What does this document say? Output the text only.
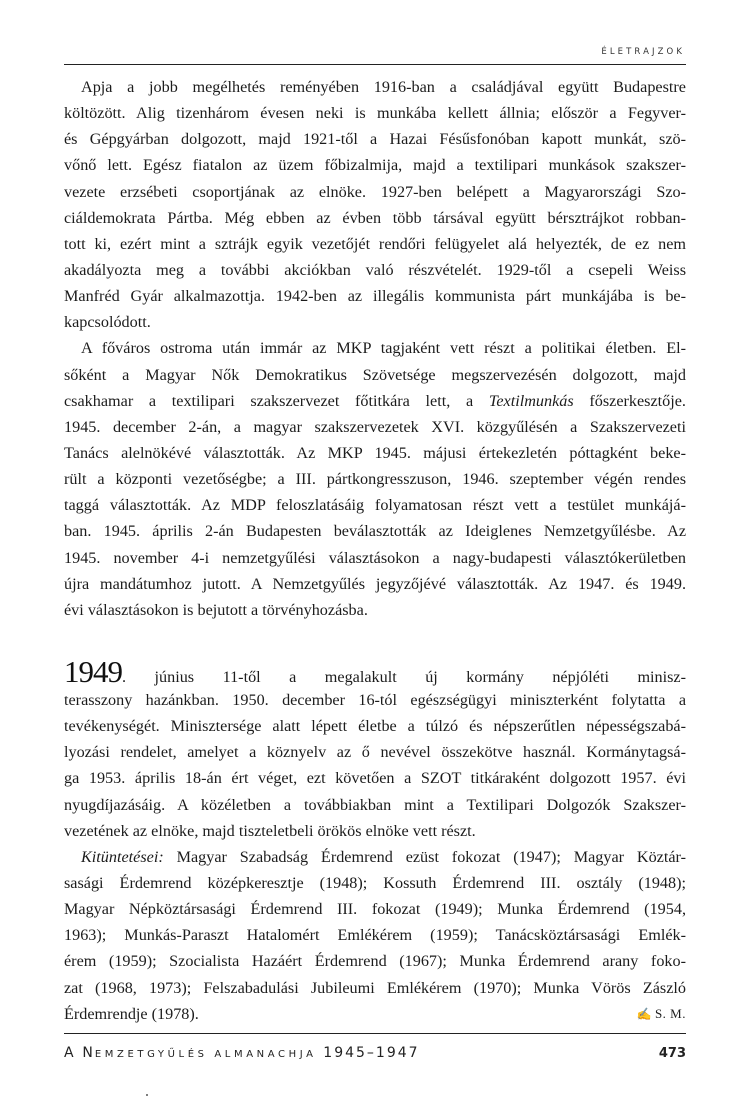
ÉLETRAJZOK
Apja a jobb megélhetés reményében 1916-ban a családjával együtt Budapestre
költözött. Alig tizenhárom évesen neki is munkába kellett állnia; először a Fegyver-
és Gépgyárban dolgozott, majd 1921-től a Hazai Fésűsfonóban kapott munkát, szö-
vőnő lett. Egész fiatalon az üzem főbizalmija, majd a textilipari munkások szakszer-
vezete erzsébeti csoportjának az elnöke. 1927-ben belépett a Magyarországi Szo-
ciáldemokrata Pártba. Még ebben az évben több társával együtt bérsztrájkot robban-
tott ki, ezért mint a sztrájk egyik vezetőjét rendőri felügyelet alá helyezték, de ez nem
akadályozta meg a további akciókban való részvételét. 1929-től a csepeli Weiss
Manfréd Gyár alkalmazottja. 1942-ben az illegális kommunista párt munkájába is be-
kapcsolódott.
A főváros ostroma után immár az MKP tagjaként vett részt a politikai életben. El-
sőként a Magyar Nők Demokratikus Szövetsége megszervezésén dolgozott, majd
csakhamar a textilipari szakszervezet főtitkára lett, a Textilmunkás főszerkesztője.
1945. december 2-án, a magyar szakszervezetek XVI. közgyűlésén a Szakszervezeti
Tanács alelnökévé választották. Az MKP 1945. májusi értekezletén póttagként beke-
rült a központi vezetőségbe; a III. pártkongresszuson, 1946. szeptember végén rendes
taggá választották. Az MDP feloszlatásáig folyamatosan részt vett a testület munkájá-
ban. 1945. április 2-án Budapesten beválasztották az Ideiglenes Nemzetgyűlésbe. Az
1945. november 4-i nemzetgyűlési választásokon a nagy-budapesti választókerületben
újra mandátumhoz jutott. A Nemzetgyűlés jegyzőjévé választották. Az 1947. és 1949.
évi választásokon is bejutott a törvényhozásba.
1949. június 11-től a megalakult új kormány népjóléti minisz-
terasszony hazánkban. 1950. december 16-tól egészségügyi miniszterként folytatta a
tevékenységét. Minisztersége alatt lépett életbe a túlzó és népszerűtlen népességszabá-
lyozási rendelet, amelyet a köznyelv az ő nevével összekötve használ. Kormánytagsá-
ga 1953. április 18-án ért véget, ezt követően a SZOT titkáraként dolgozott 1957. évi
nyugdíjazásáig. A közéletben a továbbiakban mint a Textilipari Dolgozók Szakszer-
vezetének az elnöke, majd tiszteletbeli örökös elnöke vett részt.
Kitüntetései: Magyar Szabadság Érdemrend ezüst fokozat (1947); Magyar Köztár-
sasági Érdemrend középkeresztje (1948); Kossuth Érdemrend III. osztály (1948);
Magyar Népköztársasági Érdemrend III. fokozat (1949); Munka Érdemrend (1954,
1963); Munkás-Paraszt Hatalomért Emlékérem (1959); Tanácsköztársasági Emlék-
érem (1959); Szocialista Hazáért Érdemrend (1967); Munka Érdemrend arany foko-
zat (1968, 1973); Felszabadulási Jubileumi Emlékérem (1970); Munka Vörös Zászló
Érdemrendje (1978).	✍ S. M.
A NEMZETGYŰLÉS ALMANACHJA 1945–1947	473
